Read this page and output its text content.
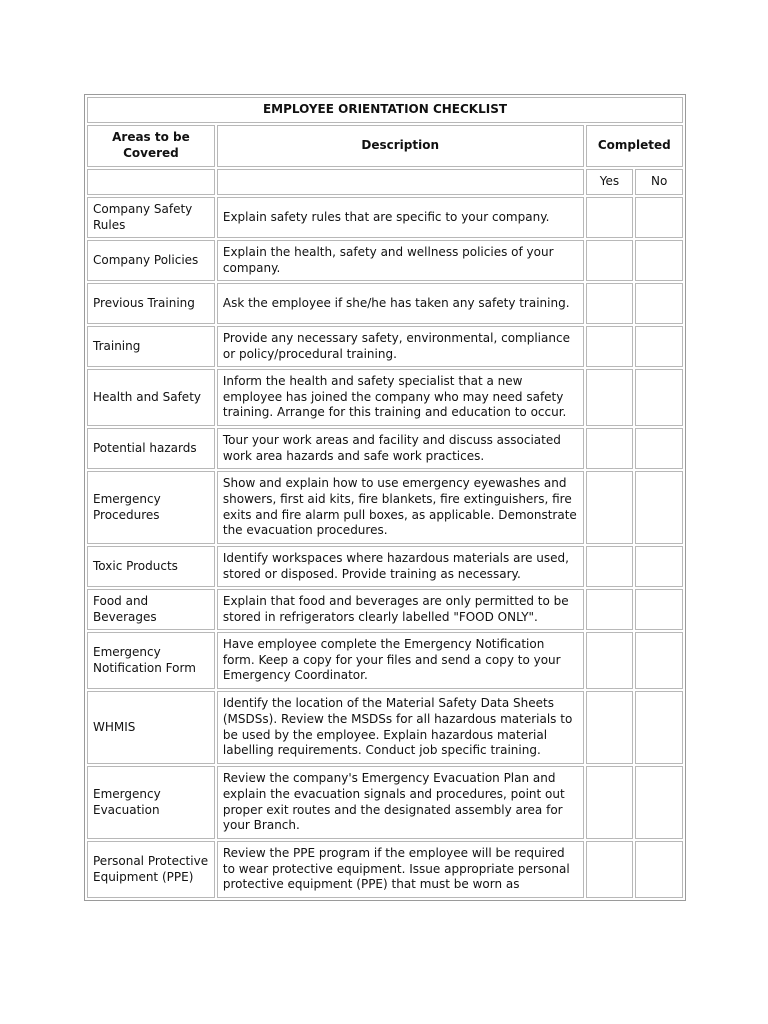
EMPLOYEE ORIENTATION CHECKLIST			
Areas to be Covered	Description	Completed	
		Yes	No
Company Safety Rules	Explain safety rules that are specific to your company.		
Company Policies	Explain the health, safety and wellness policies of your company.		
Previous Training	Ask the employee if she/he has taken any safety training.		
Training	Provide any necessary safety, environmental, compliance or policy/procedural training.		
Health and Safety	Inform the health and safety specialist that a new employee has joined the company who may need safety training. Arrange for this training and education to occur.		
Potential hazards	Tour your work areas and facility and discuss associated work area hazards and safe work practices.		
Emergency Procedures	Show and explain how to use emergency eyewashes and showers, first aid kits, fire blankets, fire extinguishers, fire exits and fire alarm pull boxes, as applicable. Demonstrate the evacuation procedures.		
Toxic Products	Identify workspaces where hazardous materials are used, stored or disposed. Provide training as necessary.		
Food and Beverages	Explain that food and beverages are only permitted to be stored in refrigerators clearly labelled "FOOD ONLY".		
Emergency Notification Form	Have employee complete the Emergency Notification form. Keep a copy for your files and send a copy to your Emergency Coordinator.		
WHMIS	Identify the location of the Material Safety Data Sheets (MSDSs). Review the MSDSs for all hazardous materials to be used by the employee. Explain hazardous material labelling requirements. Conduct job specific training.		
Emergency Evacuation	Review the company's Emergency Evacuation Plan and explain the evacuation signals and procedures, point out proper exit routes and the designated assembly area for your Branch.		
Personal Protective Equipment (PPE)	Review the PPE program if the employee will be required to wear protective equipment. Issue appropriate personal protective equipment (PPE) that must be worn as		
